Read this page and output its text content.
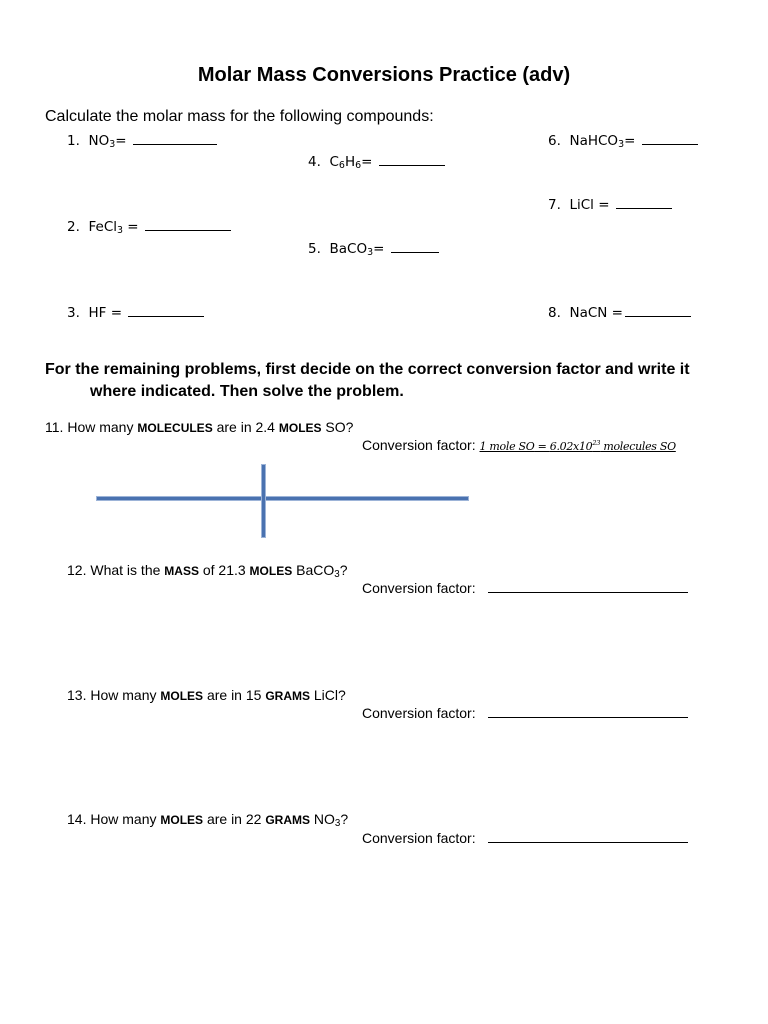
Molar Mass Conversions Practice (adv)
Calculate the molar mass for the following compounds:
1. $NO_3=$
2. FeCl$_3$ =
3. HF =
4. $C_6H_6=$
5. BaCO$_3$=
6. NaHCO$_3$=
7. LiCl =
8. NaCN =
For the remaining problems, first decide on the correct conversion factor and write it
where indicated. Then solve the problem.
11. How many MOLECULES are in 2.4 MOLES SO?
Conversion factor: 1 mole SO = $6.02x10^{23}$ molecules SO
12. What is the MASS of 21.3 MOLES BaCO$_3$?
Conversion factor:
13. How many MOLES are in 15 GRAMS LiCl?
Conversion factor:
14. How many MOLES are in 22 GRAMS $NO_3$?
Conversion factor:
